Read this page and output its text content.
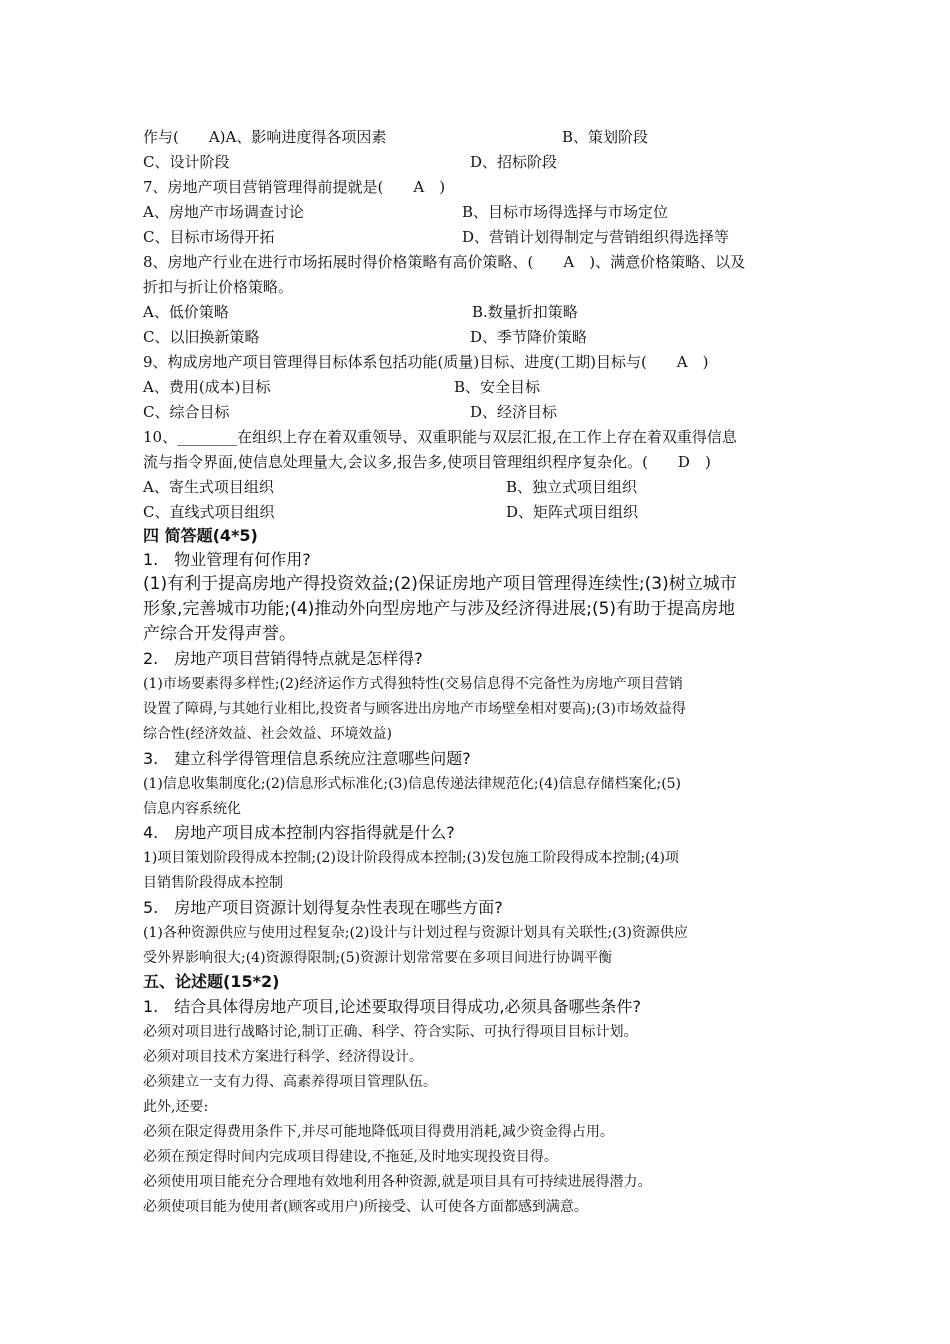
作与(　　A)A、影响进度得各项因素	B、策划阶段
C、设计阶段	D、招标阶段
7、房地产项目营销管理得前提就是(　　A　)
A、房地产市场调查讨论	B、目标市场得选择与市场定位
C、目标市场得开拓	D、营销计划得制定与营销组织得选择等
8、房地产行业在进行市场拓展时得价格策略有高价策略、(　　A　)、满意价格策略、以及
折扣与折让价格策略。
A、低价策略	B.数量折扣策略
C、以旧换新策略	D、季节降价策略
9、构成房地产项目管理得目标体系包括功能(质量)目标、进度(工期)目标与(　　A　)
A、费用(成本)目标	B、安全目标
C、综合目标	D、经济目标
10、________在组织上存在着双重领导、双重职能与双层汇报,在工作上存在着双重得信息
流与指令界面,使信息处理量大,会议多,报告多,使项目管理组织程序复杂化。(　　D　)
A、寄生式项目组织	B、独立式项目组织
C、直线式项目组织	D、矩阵式项目组织
四 简答题(4*5)
1.　物业管理有何作用?
(1)有利于提高房地产得投资效益;(2)保证房地产项目管理得连续性;(3)树立城市
形象,完善城市功能;(4)推动外向型房地产与涉及经济得进展;(5)有助于提高房地
产综合开发得声誉。
2.　房地产项目营销得特点就是怎样得?
(1)市场要素得多样性;(2)经济运作方式得独特性(交易信息得不完备性为房地产项目营销
设置了障碍,与其她行业相比,投资者与顾客进出房地产市场壁垒相对要高);(3)市场效益得
综合性(经济效益、社会效益、环境效益)
3.　建立科学得管理信息系统应注意哪些问题?
(1)信息收集制度化;(2)信息形式标准化;(3)信息传递法律规范化;(4)信息存储档案化;(5)
信息内容系统化
4.　房地产项目成本控制内容指得就是什么?
1)项目策划阶段得成本控制;(2)设计阶段得成本控制;(3)发包施工阶段得成本控制;(4)项
目销售阶段得成本控制
5.　房地产项目资源计划得复杂性表现在哪些方面?
(1)各种资源供应与使用过程复杂;(2)设计与计划过程与资源计划具有关联性;(3)资源供应
受外界影响很大;(4)资源得限制;(5)资源计划常常要在多项目间进行协调平衡
五、论述题(15*2)
1.　结合具体得房地产项目,论述要取得项目得成功,必须具备哪些条件?
必须对项目进行战略讨论,制订正确、科学、符合实际、可执行得项目目标计划。
必须对项目技术方案进行科学、经济得设计。
必须建立一支有力得、高素养得项目管理队伍。
此外,还要:
必须在限定得费用条件下,并尽可能地降低项目得费用消耗,减少资金得占用。
必须在预定得时间内完成项目得建设,不拖延,及时地实现投资目得。
必须使用项目能充分合理地有效地利用各种资源,就是项目具有可持续进展得潜力。
必须使项目能为使用者(顾客或用户)所接受、认可使各方面都感到满意。
